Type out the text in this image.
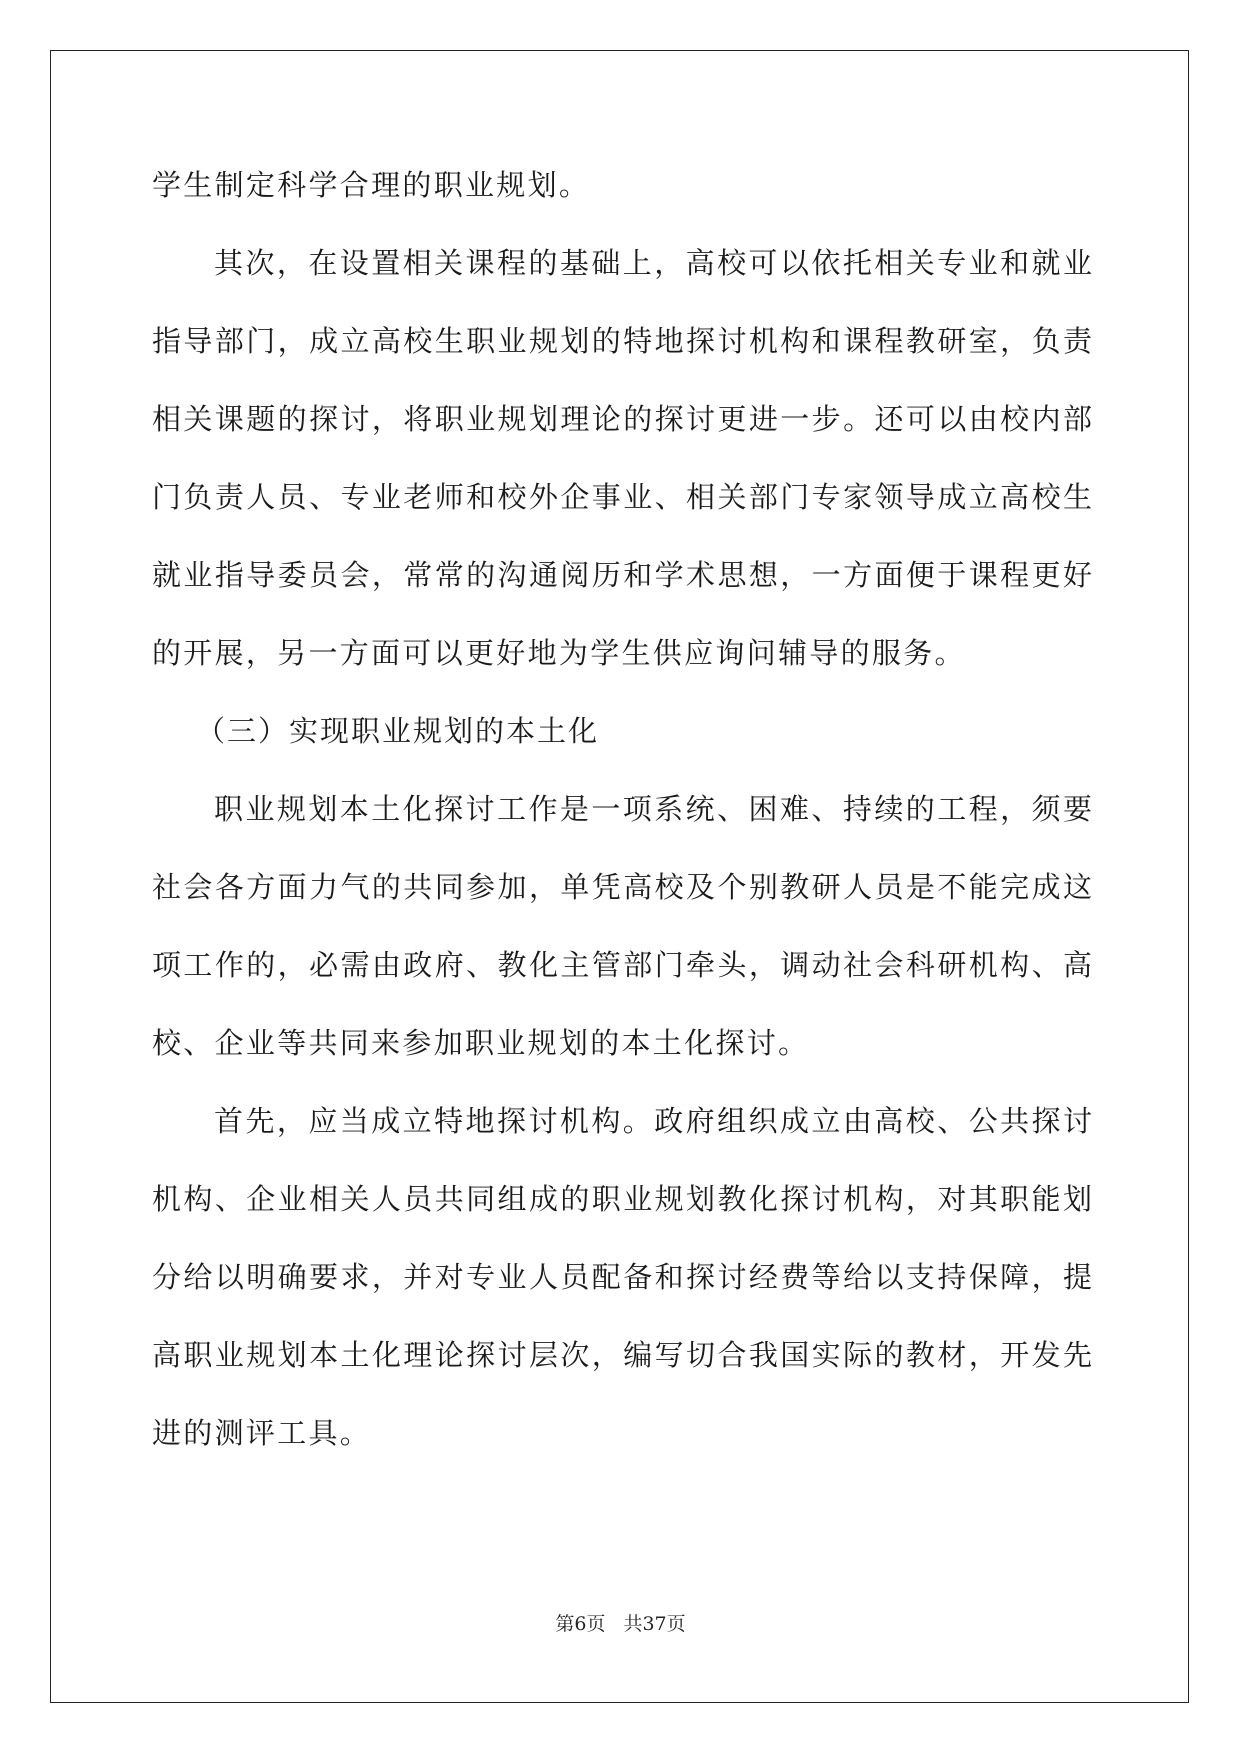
学生制定科学合理的职业规划。
其次，在设置相关课程的基础上，高校可以依托相关专业和就业
指导部门，成立高校生职业规划的特地探讨机构和课程教研室，负责
相关课题的探讨，将职业规划理论的探讨更进一步。还可以由校内部
门负责人员、专业老师和校外企事业、相关部门专家领导成立高校生
就业指导委员会，常常的沟通阅历和学术思想，一方面便于课程更好
的开展，另一方面可以更好地为学生供应询问辅导的服务。
（三）实现职业规划的本土化
职业规划本土化探讨工作是一项系统、困难、持续的工程，须要
社会各方面力气的共同参加，单凭高校及个别教研人员是不能完成这
项工作的，必需由政府、教化主管部门牵头，调动社会科研机构、高
校、企业等共同来参加职业规划的本土化探讨。
首先，应当成立特地探讨机构。政府组织成立由高校、公共探讨
机构、企业相关人员共同组成的职业规划教化探讨机构，对其职能划
分给以明确要求，并对专业人员配备和探讨经费等给以支持保障，提
高职业规划本土化理论探讨层次，编写切合我国实际的教材，开发先
进的测评工具。
第6页 共37页
